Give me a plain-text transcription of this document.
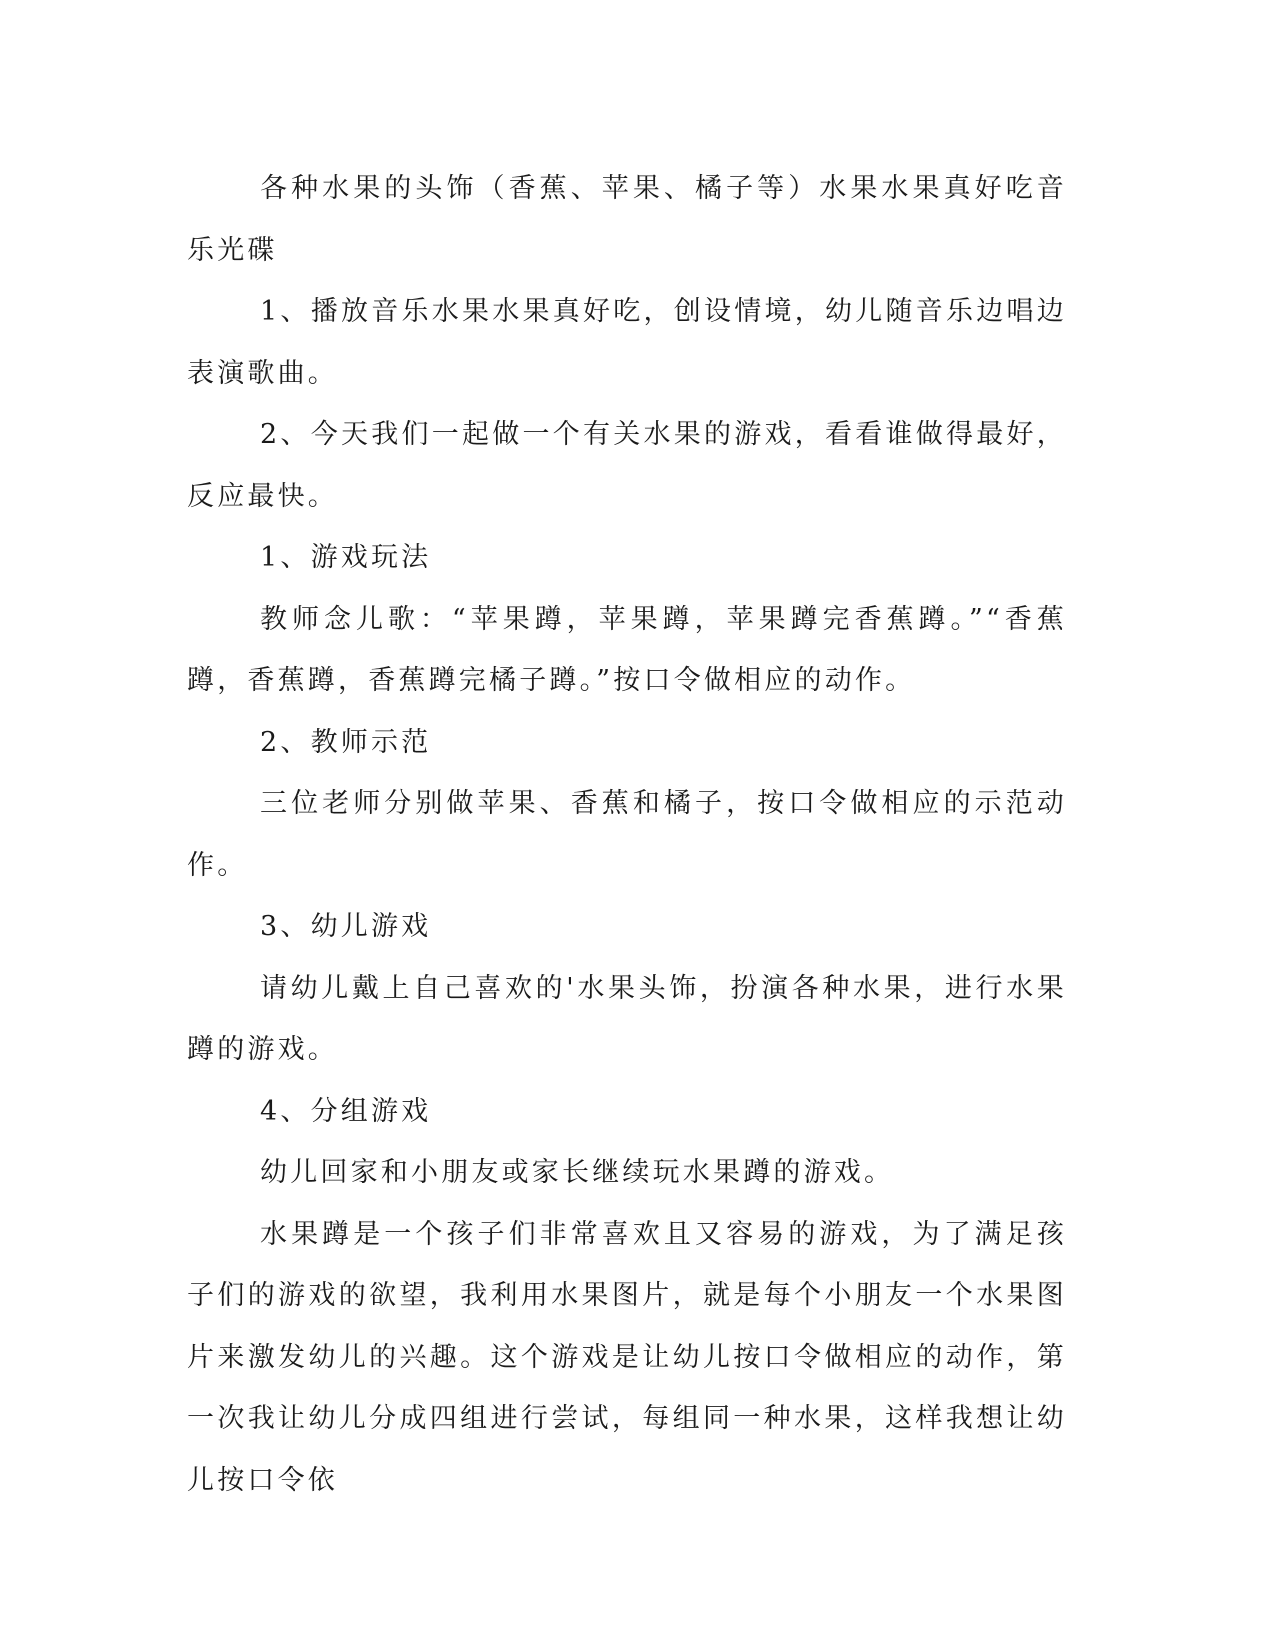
各种水果的头饰（香蕉、苹果、橘子等）水果水果真好吃音乐光碟

1、播放音乐水果水果真好吃，创设情境，幼儿随音乐边唱边表演歌曲。

2、今天我们一起做一个有关水果的游戏，看看谁做得最好，反应最快。

1、游戏玩法

教师念儿歌：“苹果蹲，苹果蹲，苹果蹲完香蕉蹲。”“香蕉蹲，香蕉蹲，香蕉蹲完橘子蹲。”按口令做相应的动作。

2、教师示范

三位老师分别做苹果、香蕉和橘子，按口令做相应的示范动作。

3、幼儿游戏

请幼儿戴上自己喜欢的'水果头饰，扮演各种水果，进行水果蹲的游戏。

4、分组游戏

幼儿回家和小朋友或家长继续玩水果蹲的游戏。

水果蹲是一个孩子们非常喜欢且又容易的游戏，为了满足孩子们的游戏的欲望，我利用水果图片，就是每个小朋友一个水果图片来激发幼儿的兴趣。这个游戏是让幼儿按口令做相应的动作，第一次我让幼儿分成四组进行尝试，每组同一种水果，这样我想让幼儿按口令依
